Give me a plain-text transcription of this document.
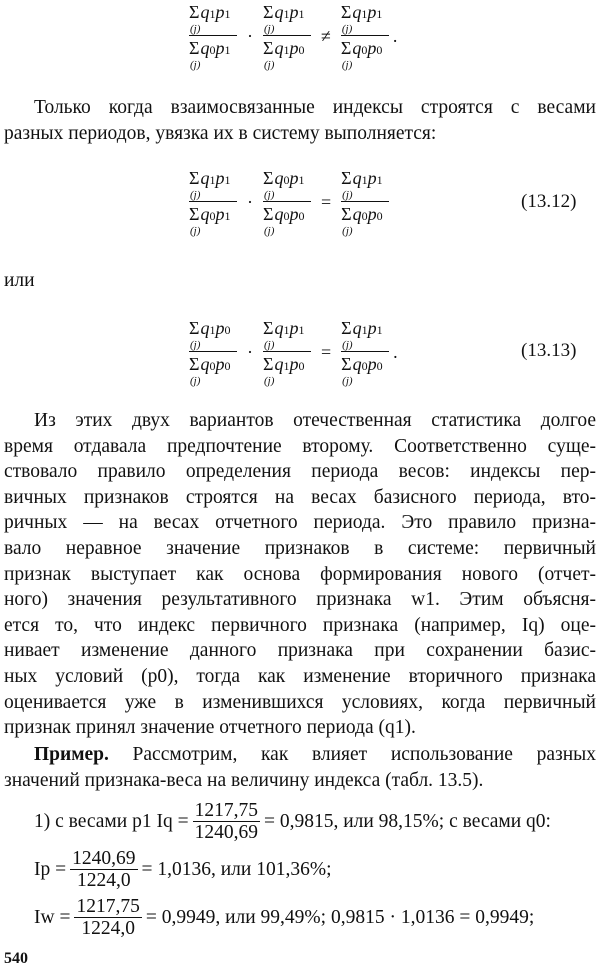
Σ q 1 p 1
(j)
Σ q 0 p 1
(j)
·
Σ q 1 p 1
(j)
Σ q 1 p 0
(j)
≠
Σ q 1 p 1
(j)
Σ q 0 p 0
(j)
.
Только когда взаимосвязанные индексы строятся с весами
разных периодов, увязка их в систему выполняется:
Σ q 1 p 1
(j)
Σ q 0 p 1
(j)
·
Σ q 0 p 1
(j)
Σ q 0 p 0
(j)
=
Σ q 1 p 1
(j)
Σ q 0 p 0
(j)
(13.12)
или
Σ q 1 p 0
(j)
Σ q 0 p 0
(j)
·
Σ q 1 p 1
(j)
Σ q 1 p 0
(j)
=
Σ q 1 p 1
(j)
Σ q 0 p 0
(j)
.	(13.13)
Из этих двух вариантов отечественная статистика долгое
время отдавала предпочтение второму. Соответственно суще-
ствовало правило определения периода весов: индексы пер-
вичных признаков строятся на весах базисного периода, вто-
ричных — на весах отчетного периода. Это правило призна-
вало неравное значение признаков в системе: первичный
признак выступает как основа формирования нового (отчет-
ного) значения результативного признака w1. Этим объясня-
ется то, что индекс первичного признака (например, Iq) оце-
нивает изменение данного признака при сохранении базис-
ных условий (p0), тогда как изменение вторичного признака
оценивается уже в изменившихся условиях, когда первичный
признак принял значение отчетного периода (q1).
Пример. Рассмотрим, как влияет использование разных
значений признака-веса на величину индекса (табл. 13.5).
1) с весами p1 $Iq = \frac{1217,75}{1240,69} = 0,9815$, или 98,15%; с весами q0:
$Ip = \frac{1240,69}{1224,0} = 1,0136$, или 101,36%;
$Iw = \frac{1217,75}{1224,0} = 0,9949$, или 99,49%; 0,9815 · 1,0136 = 0,9949;
540
